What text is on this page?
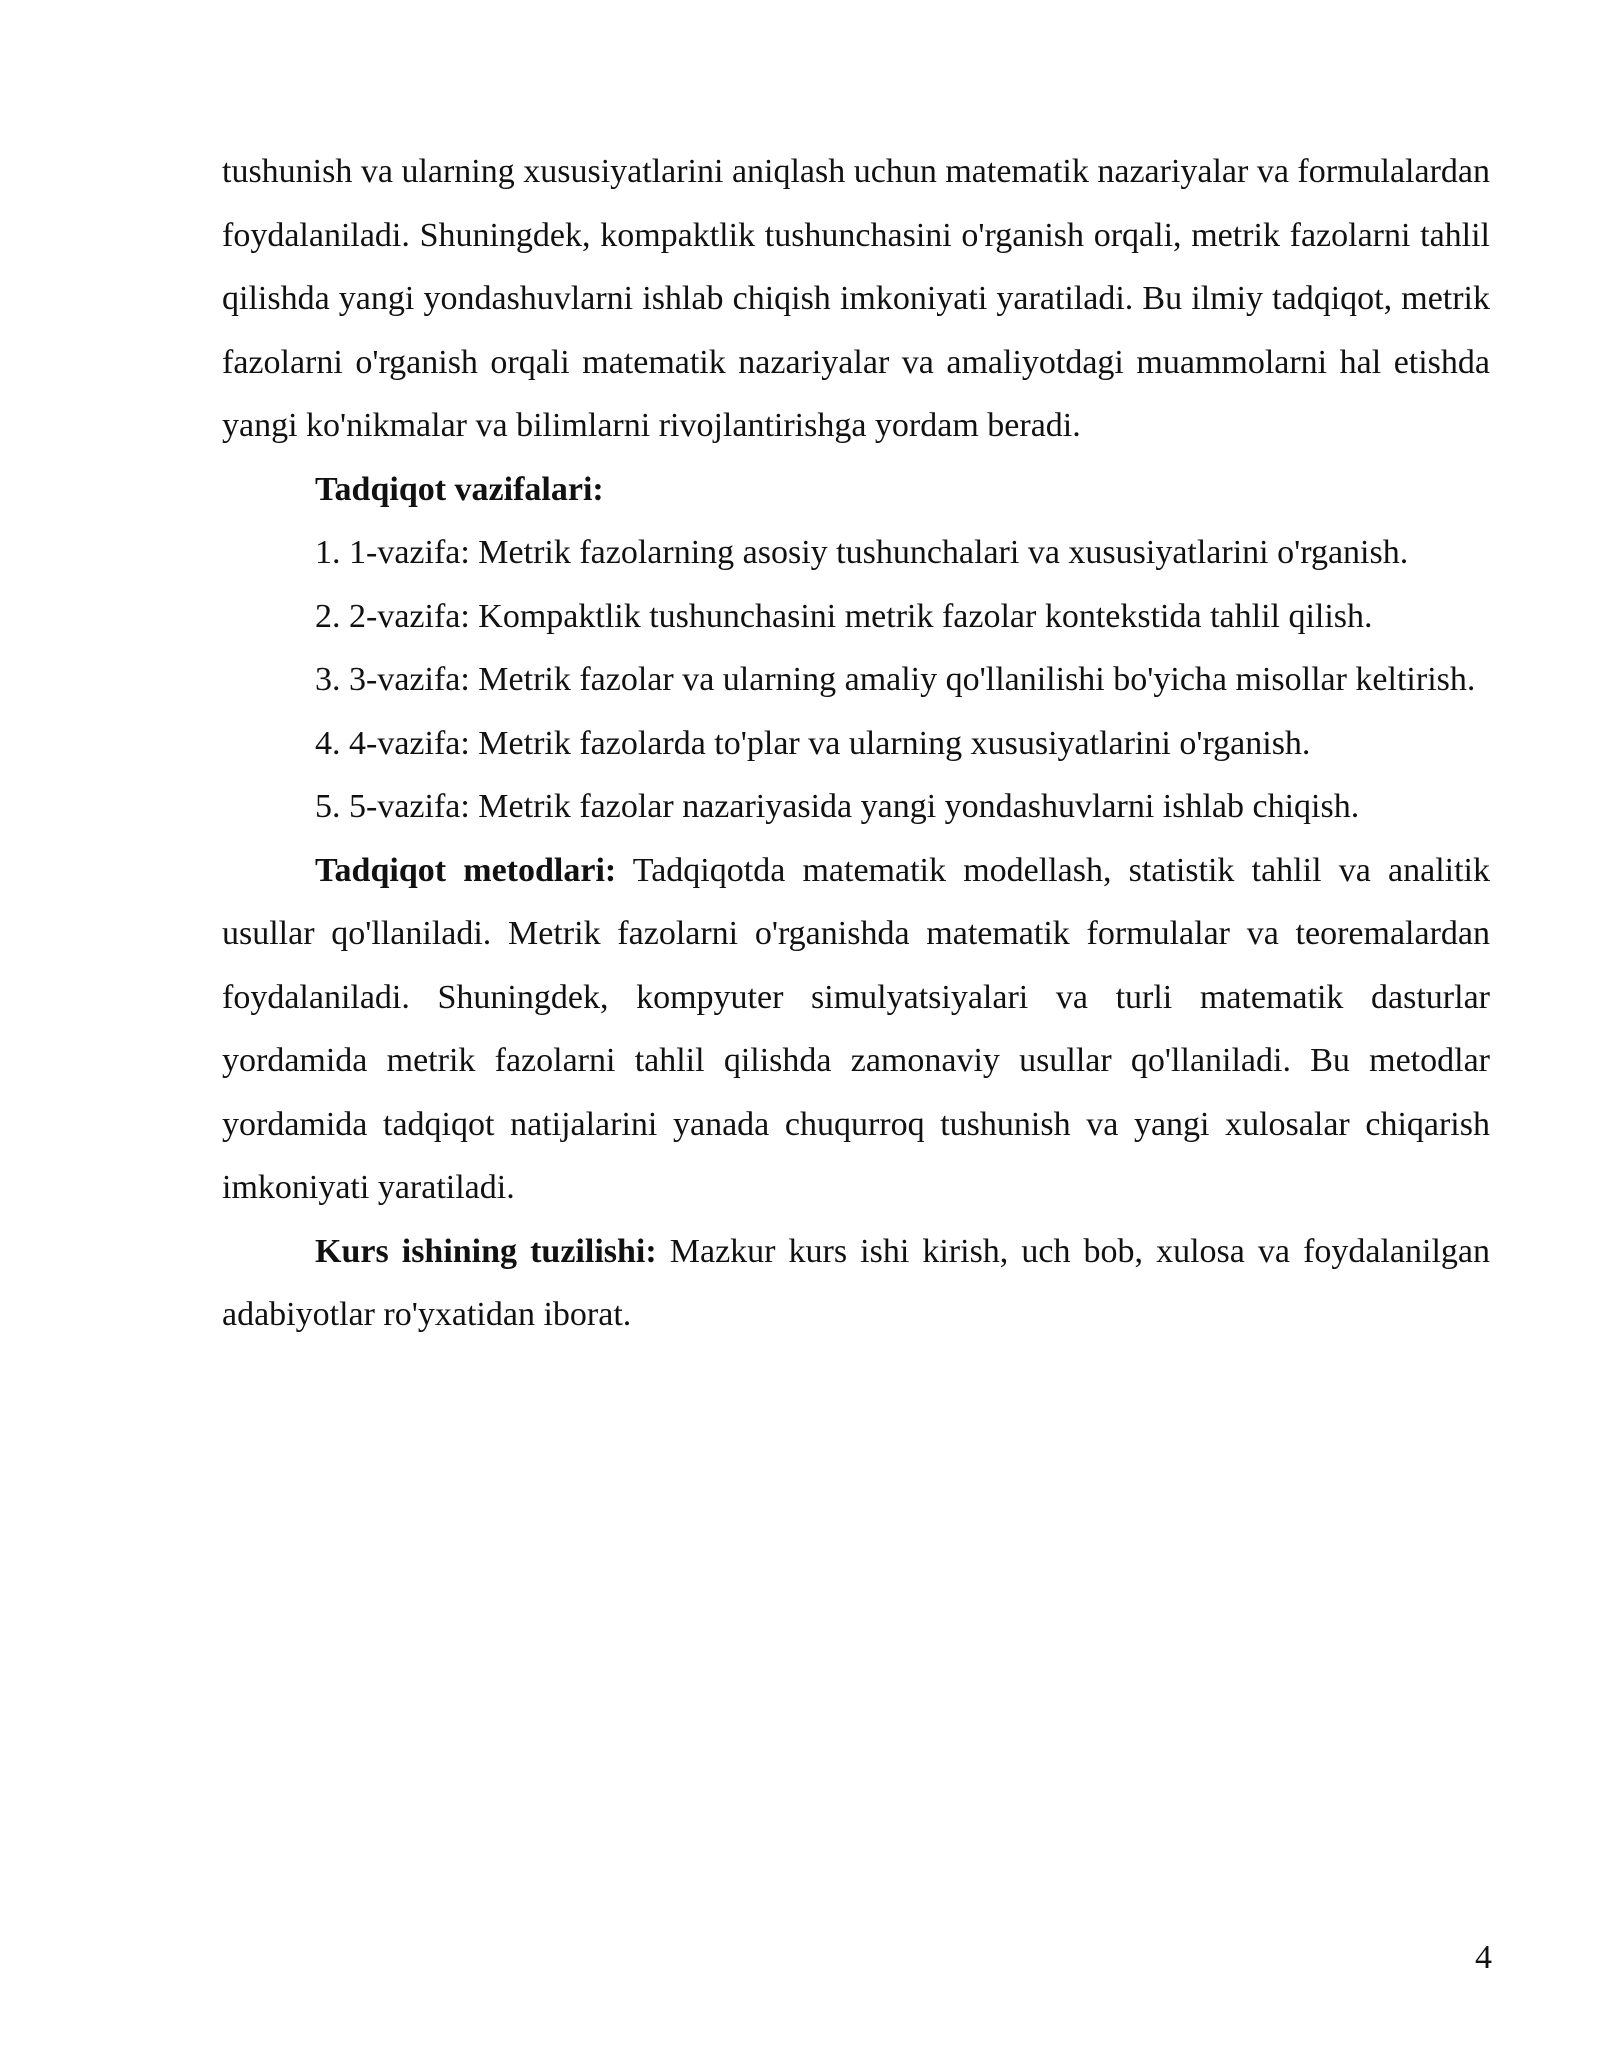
tushunish va ularning xususiyatlarini aniqlash uchun matematik nazariyalar va formulalardan foydalaniladi. Shuningdek, kompaktlik tushunchasini o'rganish orqali, metrik fazolarni tahlil qilishda yangi yondashuvlarni ishlab chiqish imkoniyati yaratiladi. Bu ilmiy tadqiqot, metrik fazolarni o'rganish orqali matematik nazariyalar va amaliyotdagi muammolarni hal etishda yangi ko'nikmalar va bilimlarni rivojlantirishga yordam beradi.

Tadqiqot vazifalari:

1. 1-vazifa: Metrik fazolarning asosiy tushunchalari va xususiyatlarini o'rganish.

2. 2-vazifa: Kompaktlik tushunchasini metrik fazolar kontekstida tahlil qilish.

3. 3-vazifa: Metrik fazolar va ularning amaliy qo'llanilishi bo'yicha misollar keltirish.

4. 4-vazifa: Metrik fazolarda to'plar va ularning xususiyatlarini o'rganish.

5. 5-vazifa: Metrik fazolar nazariyasida yangi yondashuvlarni ishlab chiqish.

Tadqiqot metodlari: Tadqiqotda matematik modellash, statistik tahlil va analitik usullar qo'llaniladi. Metrik fazolarni o'rganishda matematik formulalar va teoremalardan foydalaniladi. Shuningdek, kompyuter simulyatsiyalari va turli matematik dasturlar yordamida metrik fazolarni tahlil qilishda zamonaviy usullar qo'llaniladi. Bu metodlar yordamida tadqiqot natijalarini yanada chuqurroq tushunish va yangi xulosalar chiqarish imkoniyati yaratiladi.

Kurs ishining tuzilishi: Mazkur kurs ishi kirish, uch bob, xulosa va foydalanilgan adabiyotlar ro'yxatidan iborat.

4
